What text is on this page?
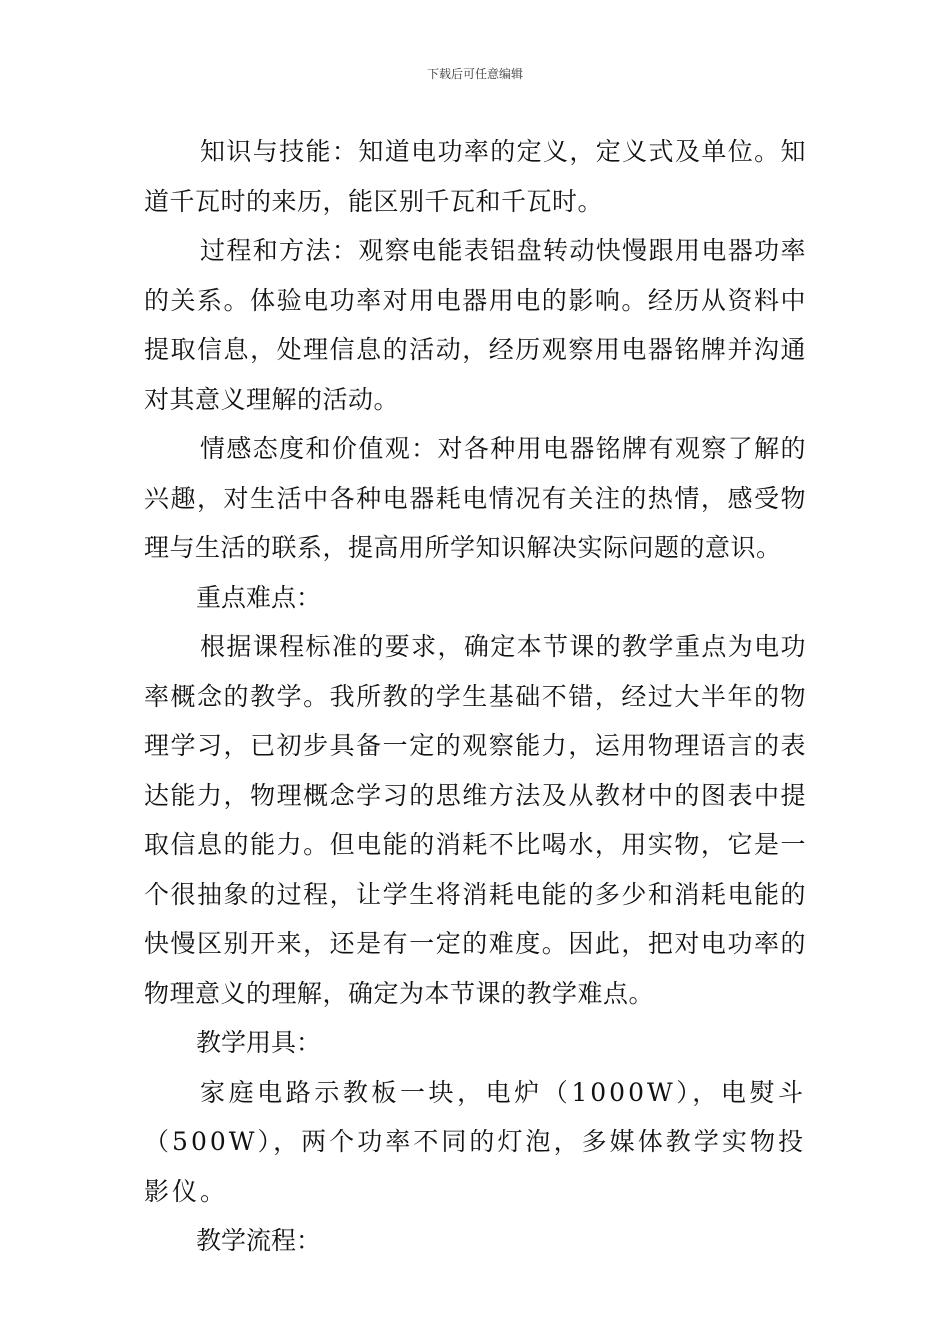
下载后可任意编辑

知识与技能：知道电功率的定义，定义式及单位。知道千瓦时的来历，能区别千瓦和千瓦时。

过程和方法：观察电能表铝盘转动快慢跟用电器功率的关系。体验电功率对用电器用电的影响。经历从资料中提取信息，处理信息的活动，经历观察用电器铭牌并沟通对其意义理解的活动。

情感态度和价值观：对各种用电器铭牌有观察了解的兴趣，对生活中各种电器耗电情况有关注的热情，感受物理与生活的联系，提高用所学知识解决实际问题的意识。

重点难点：

根据课程标准的要求，确定本节课的教学重点为电功率概念的教学。我所教的学生基础不错，经过大半年的物理学习，已初步具备一定的观察能力，运用物理语言的表达能力，物理概念学习的思维方法及从教材中的图表中提取信息的能力。但电能的消耗不比喝水，用实物，它是一个很抽象的过程，让学生将消耗电能的多少和消耗电能的快慢区别开来，还是有一定的难度。因此，把对电功率的物理意义的理解，确定为本节课的教学难点。

教学用具：

家庭电路示教板一块，电炉（1000W），电熨斗（500W），两个功率不同的灯泡，多媒体教学实物投影仪。

教学流程：
